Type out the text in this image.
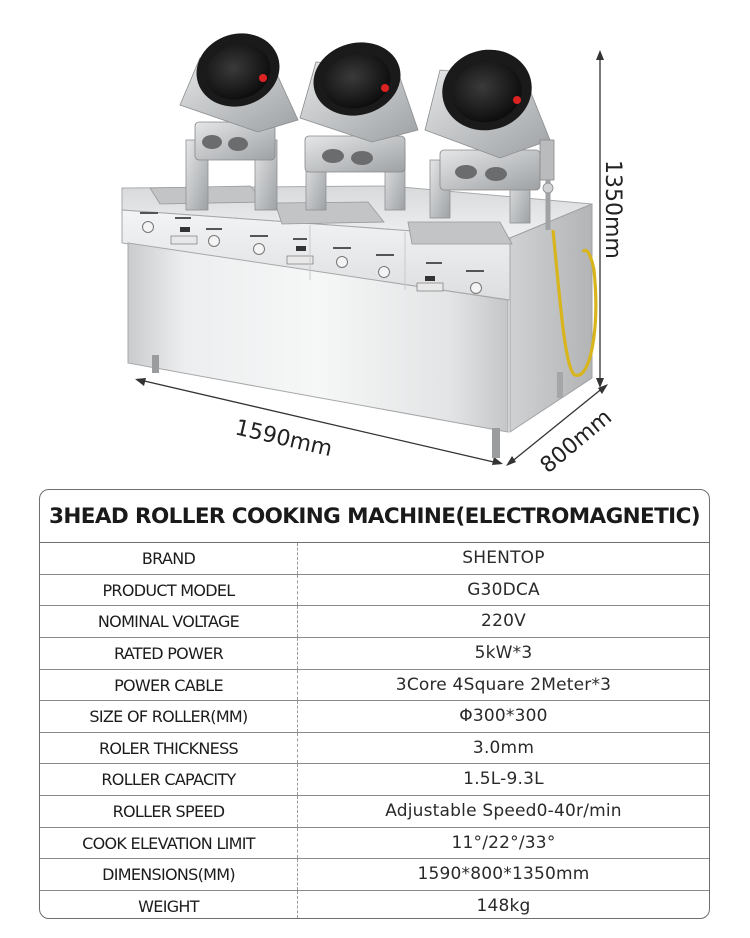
1350mm
1590mm	800mm
3HEAD ROLLER COOKING MACHINE(ELECTROMAGNETIC)
BRAND	SHENTOP
PRODUCT MODEL	G30DCA
NOMINAL VOLTAGE	220V
RATED POWER	5kW*3
POWER CABLE	3Core 4Square 2Meter*3
SIZE OF ROLLER(MM)	Φ300*300
ROLER THICKNESS	3.0mm
ROLLER CAPACITY	1.5L-9.3L
ROLLER SPEED	Adjustable Speed0-40r/min
COOK ELEVATION LIMIT	11°/22°/33°
DIMENSIONS(MM)	1590*800*1350mm
WEIGHT	148kg
